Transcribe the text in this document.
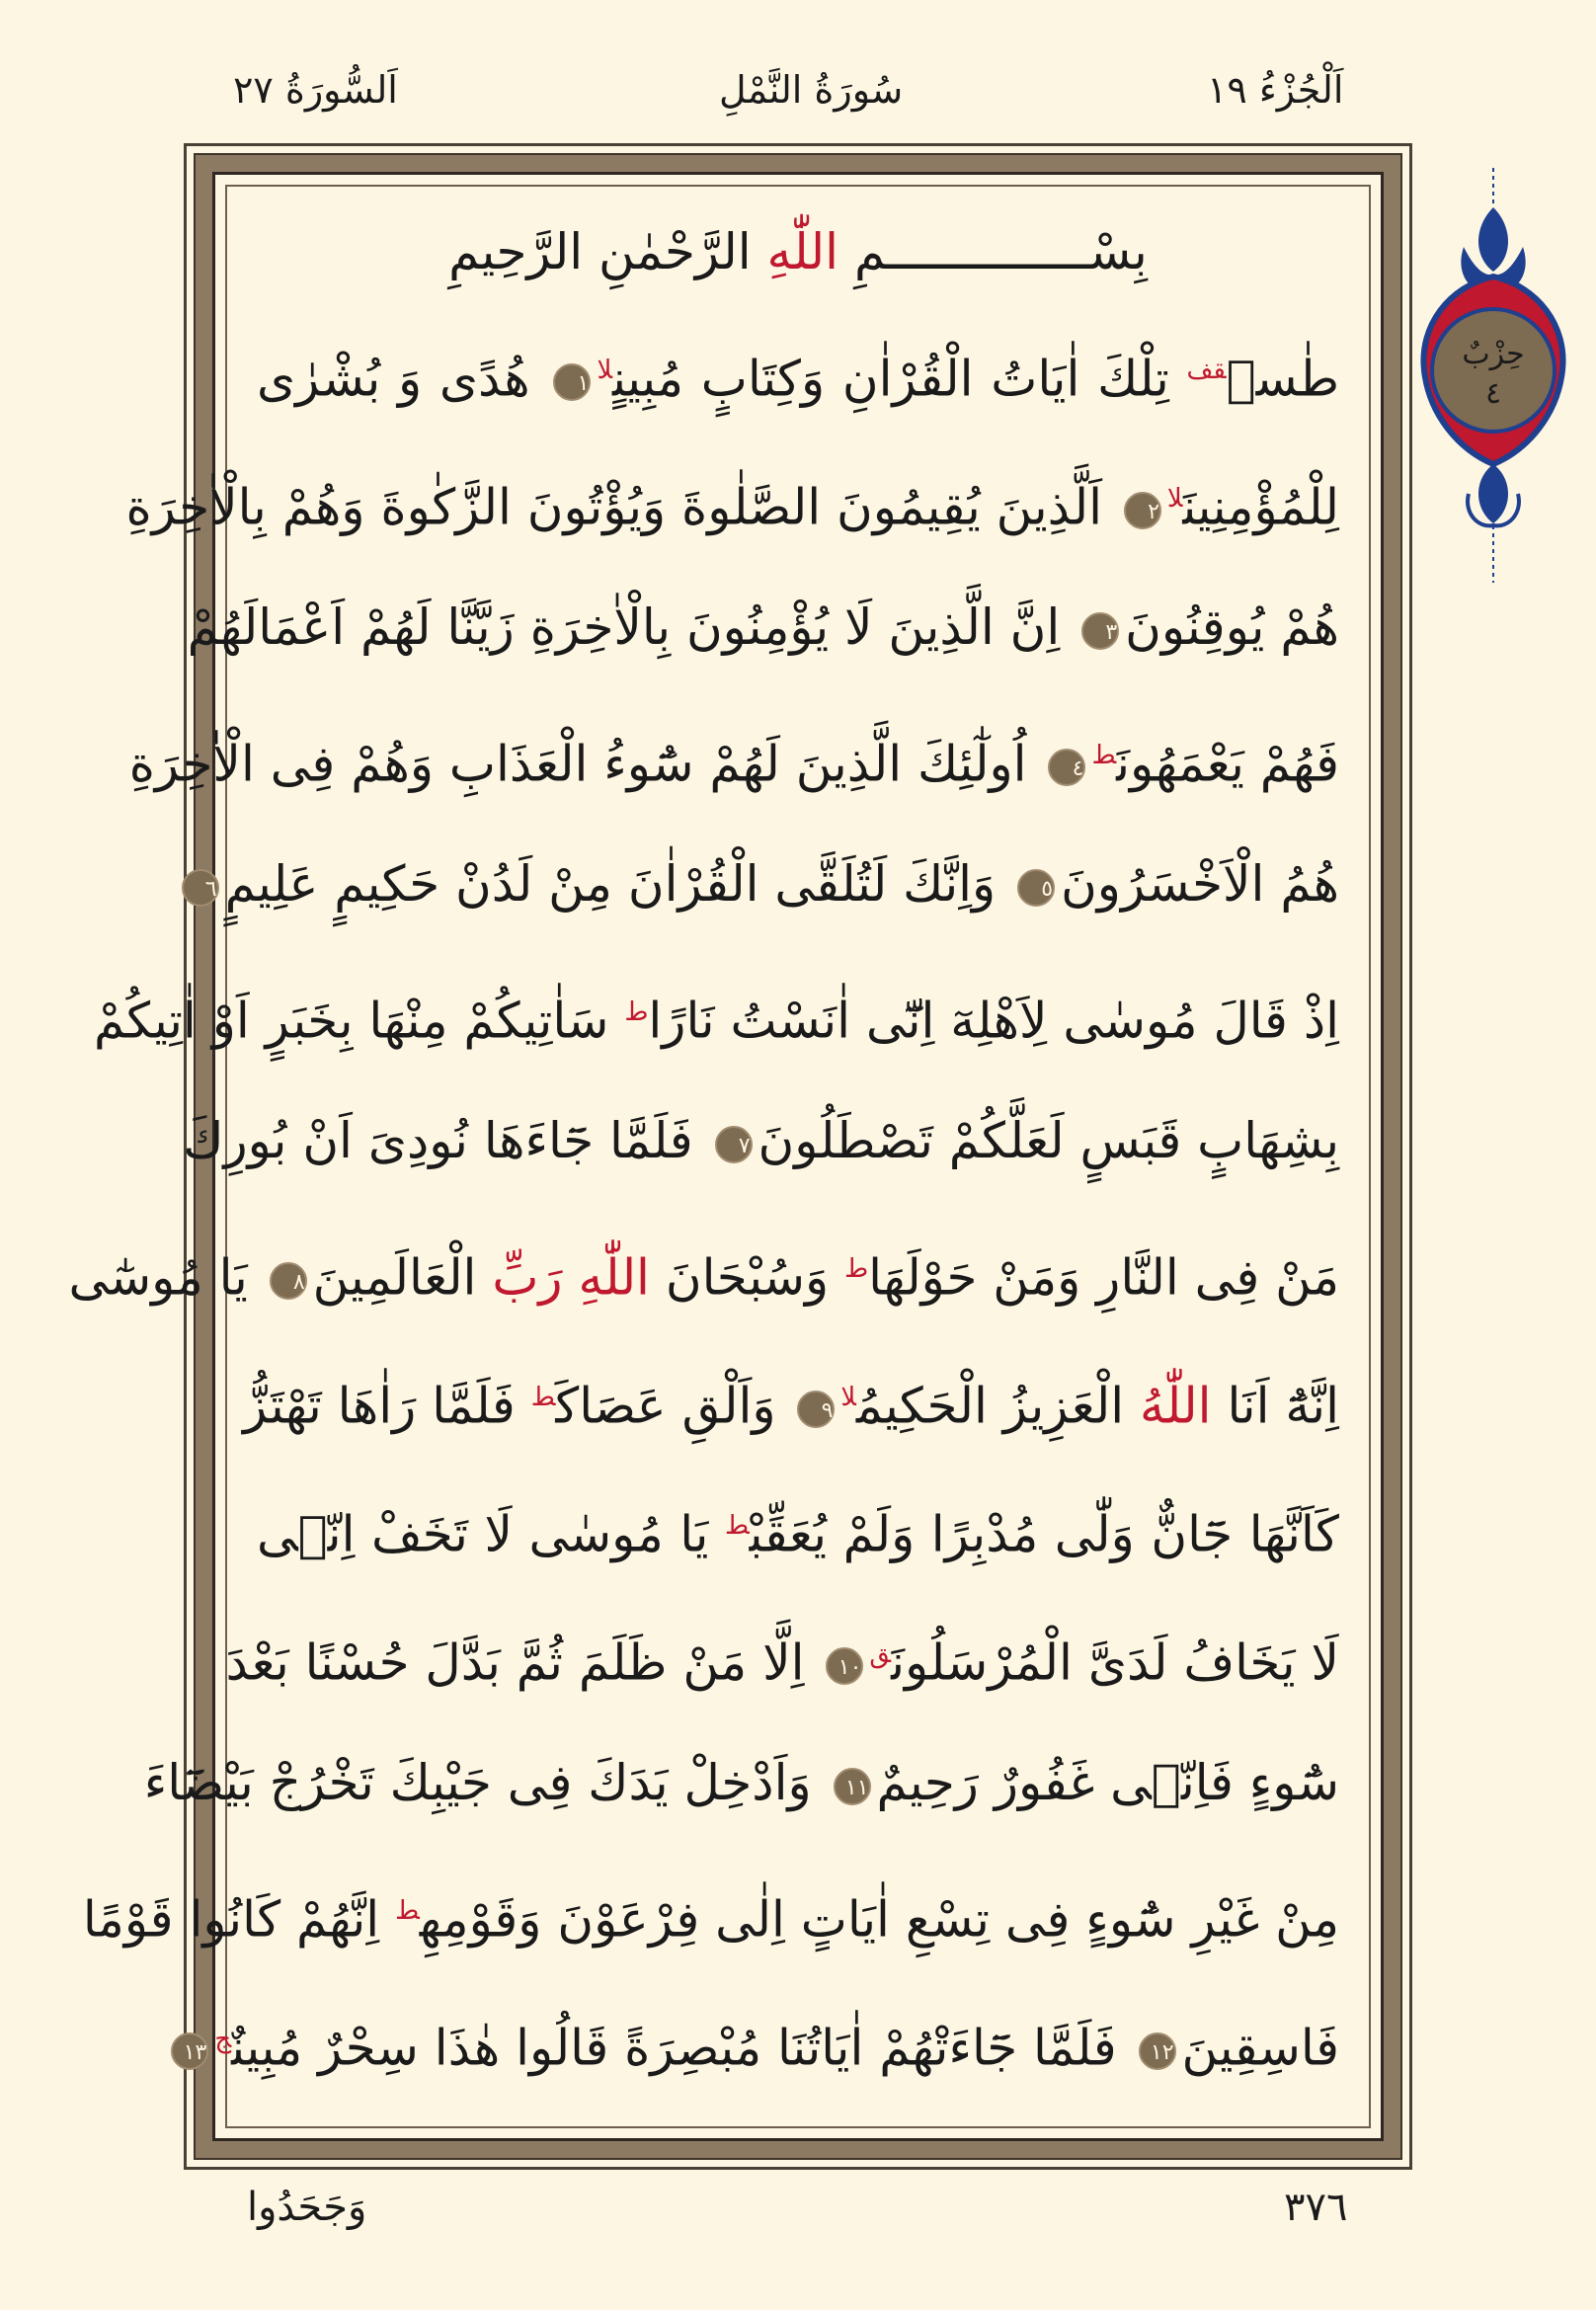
اَلْجُزْءُ ١٩
سُورَةُ النَّمْلِ
اَلسُّورَةُ ٢٧
بِسْــــــــــــــمِ اللّٰهِ الرَّحْمٰنِ الرَّحِيمِ
طٰسۜ$^{قف}$ تِلْكَ اٰيَاتُ الْقُرْاٰنِ وَكِتَابٍ مُبِينٍ$^{لا}$١ هُدًى وَ بُشْرٰى
لِلْمُؤْمِنِينَ$^{لا}$٢ اَلَّذِينَ يُقِيمُونَ الصَّلٰوةَ وَيُؤْتُونَ الزَّكٰوةَ وَهُمْ بِالْاٰخِرَةِ
هُمْ يُوقِنُونَ٣ اِنَّ الَّذِينَ لَا يُؤْمِنُونَ بِالْاٰخِرَةِ زَيَّنَّا لَهُمْ اَعْمَالَهُمْ
فَهُمْ يَعْمَهُونَ$^ط$٤ اُولٰٓئِكَ الَّذِينَ لَهُمْ سُٓوءُ الْعَذَابِ وَهُمْ فِى الْاٰخِرَةِ
هُمُ الْاَخْسَرُونَ٥ وَاِنَّكَ لَتُلَقَّى الْقُرْاٰنَ مِنْ لَدُنْ حَكِيمٍ عَلِيمٍ٦
اِذْ قَالَ مُوسٰى لِاَهْلِهٓ اِنّٓى اٰنَسْتُ نَارًا$^ط$ سَاٰتِيكُمْ مِنْهَا بِخَبَرٍ اَوْ اٰتِيكُمْ
بِشِهَابٍ قَبَسٍ لَعَلَّكُمْ تَصْطَلُونَ٧ فَلَمَّا جَٓاءَهَا نُودِىَ اَنْ بُورِكَ
مَنْ فِى النَّارِ وَمَنْ حَوْلَهَا$^ط$ وَسُبْحَانَ اللّٰهِ رَبِّ الْعَالَمِينَ٨ يَا مُوسٰٓى
اِنَّهُٓ اَنَا اللّٰهُ الْعَزِيزُ الْحَكِيمُ$^{لا}$٩ وَاَلْقِ عَصَاكَ$^ط$ فَلَمَّا رَاٰهَا تَهْتَزُّ
كَاَنَّهَا جَٓانٌّ وَلّٰى مُدْبِرًا وَلَمْ يُعَقِّبْ$^ط$ يَا مُوسٰى لَا تَخَفْ اِنّٖى
لَا يَخَافُ لَدَىَّ الْمُرْسَلُونَ$^ق$١٠ اِلَّا مَنْ ظَلَمَ ثُمَّ بَدَّلَ حُسْنًا بَعْدَ
سُٓوءٍ فَاِنّٖى غَفُورٌ رَحِيمٌ١١ وَاَدْخِلْ يَدَكَ فِى جَيْبِكَ تَخْرُجْ بَيْضَٓاءَ
مِنْ غَيْرِ سُٓوءٍ فِى تِسْعِ اٰيَاتٍ اِلٰى فِرْعَوْنَ وَقَوْمِهِ$^ط$ اِنَّهُمْ كَانُوا قَوْمًا
فَاسِقِينَ١٢ فَلَمَّا جَٓاءَتْهُمْ اٰيَاتُنَا مُبْصِرَةً قَالُوا هٰذَا سِحْرٌ مُبِينٌ$^ج$١٣
حِزْبٌ
٤
٣٧٦
وَجَحَدُوا
